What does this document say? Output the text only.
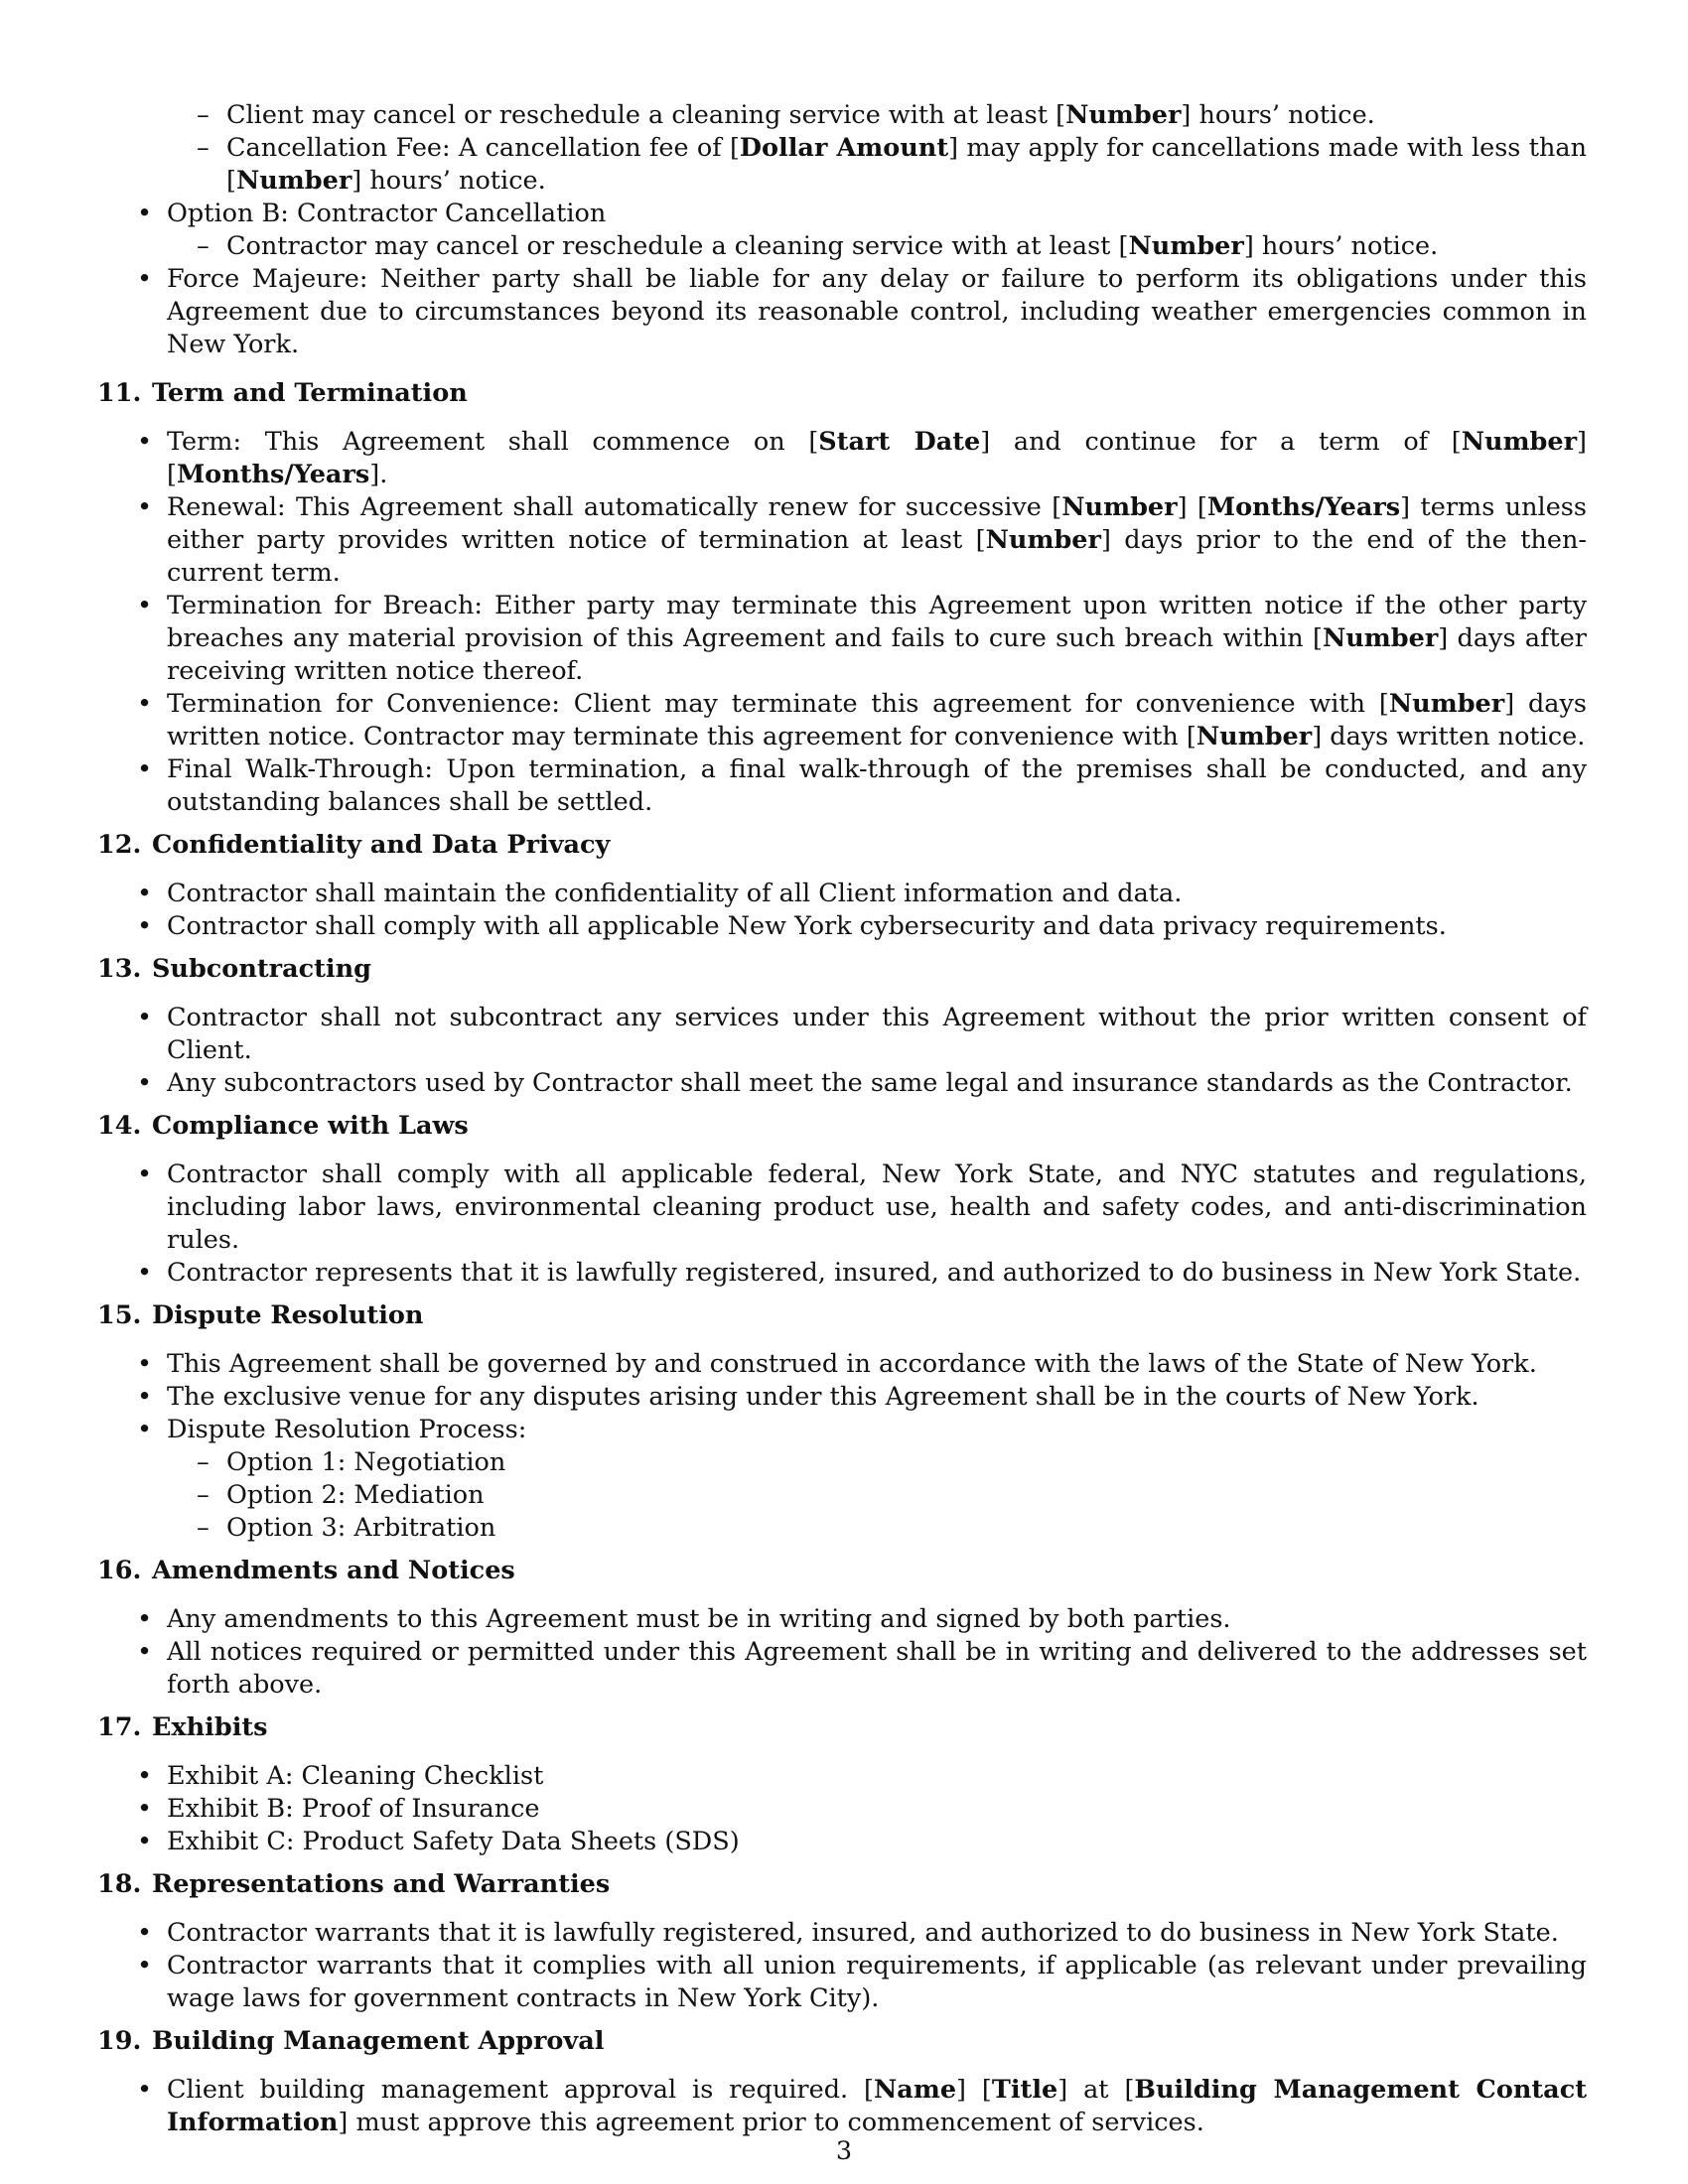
– Client may cancel or reschedule a cleaning service with at least [Number] hours’ notice.
– Cancellation Fee: A cancellation fee of [Dollar Amount] may apply for cancellations made with less than [Number] hours’ notice.
• Option B: Contractor Cancellation
– Contractor may cancel or reschedule a cleaning service with at least [Number] hours’ notice.
• Force Majeure: Neither party shall be liable for any delay or failure to perform its obligations under this Agreement due to circumstances beyond its reasonable control, including weather emergencies common in New York.
11. Term and Termination
• Term: This Agreement shall commence on [Start Date] and continue for a term of [Number] [Months/Years].
• Renewal: This Agreement shall automatically renew for successive [Number] [Months/Years] terms unless either party provides written notice of termination at least [Number] days prior to the end of the then-current term.
• Termination for Breach: Either party may terminate this Agreement upon written notice if the other party breaches any material provision of this Agreement and fails to cure such breach within [Number] days after receiving written notice thereof.
• Termination for Convenience: Client may terminate this agreement for convenience with [Number] days written notice. Contractor may terminate this agreement for convenience with [Number] days written notice.
• Final Walk-Through: Upon termination, a final walk-through of the premises shall be conducted, and any outstanding balances shall be settled.
12. Confidentiality and Data Privacy
• Contractor shall maintain the confidentiality of all Client information and data.
• Contractor shall comply with all applicable New York cybersecurity and data privacy requirements.
13. Subcontracting
• Contractor shall not subcontract any services under this Agreement without the prior written consent of Client.
• Any subcontractors used by Contractor shall meet the same legal and insurance standards as the Contractor.
14. Compliance with Laws
• Contractor shall comply with all applicable federal, New York State, and NYC statutes and regulations, including labor laws, environmental cleaning product use, health and safety codes, and anti-discrimination rules.
• Contractor represents that it is lawfully registered, insured, and authorized to do business in New York State.
15. Dispute Resolution
• This Agreement shall be governed by and construed in accordance with the laws of the State of New York.
• The exclusive venue for any disputes arising under this Agreement shall be in the courts of New York.
• Dispute Resolution Process:
– Option 1: Negotiation
– Option 2: Mediation
– Option 3: Arbitration
16. Amendments and Notices
• Any amendments to this Agreement must be in writing and signed by both parties.
• All notices required or permitted under this Agreement shall be in writing and delivered to the addresses set forth above.
17. Exhibits
• Exhibit A: Cleaning Checklist
• Exhibit B: Proof of Insurance
• Exhibit C: Product Safety Data Sheets (SDS)
18. Representations and Warranties
• Contractor warrants that it is lawfully registered, insured, and authorized to do business in New York State.
• Contractor warrants that it complies with all union requirements, if applicable (as relevant under prevailing wage laws for government contracts in New York City).
19. Building Management Approval
• Client building management approval is required. [Name] [Title] at [Building Management Contact Information] must approve this agreement prior to commencement of services.
3
